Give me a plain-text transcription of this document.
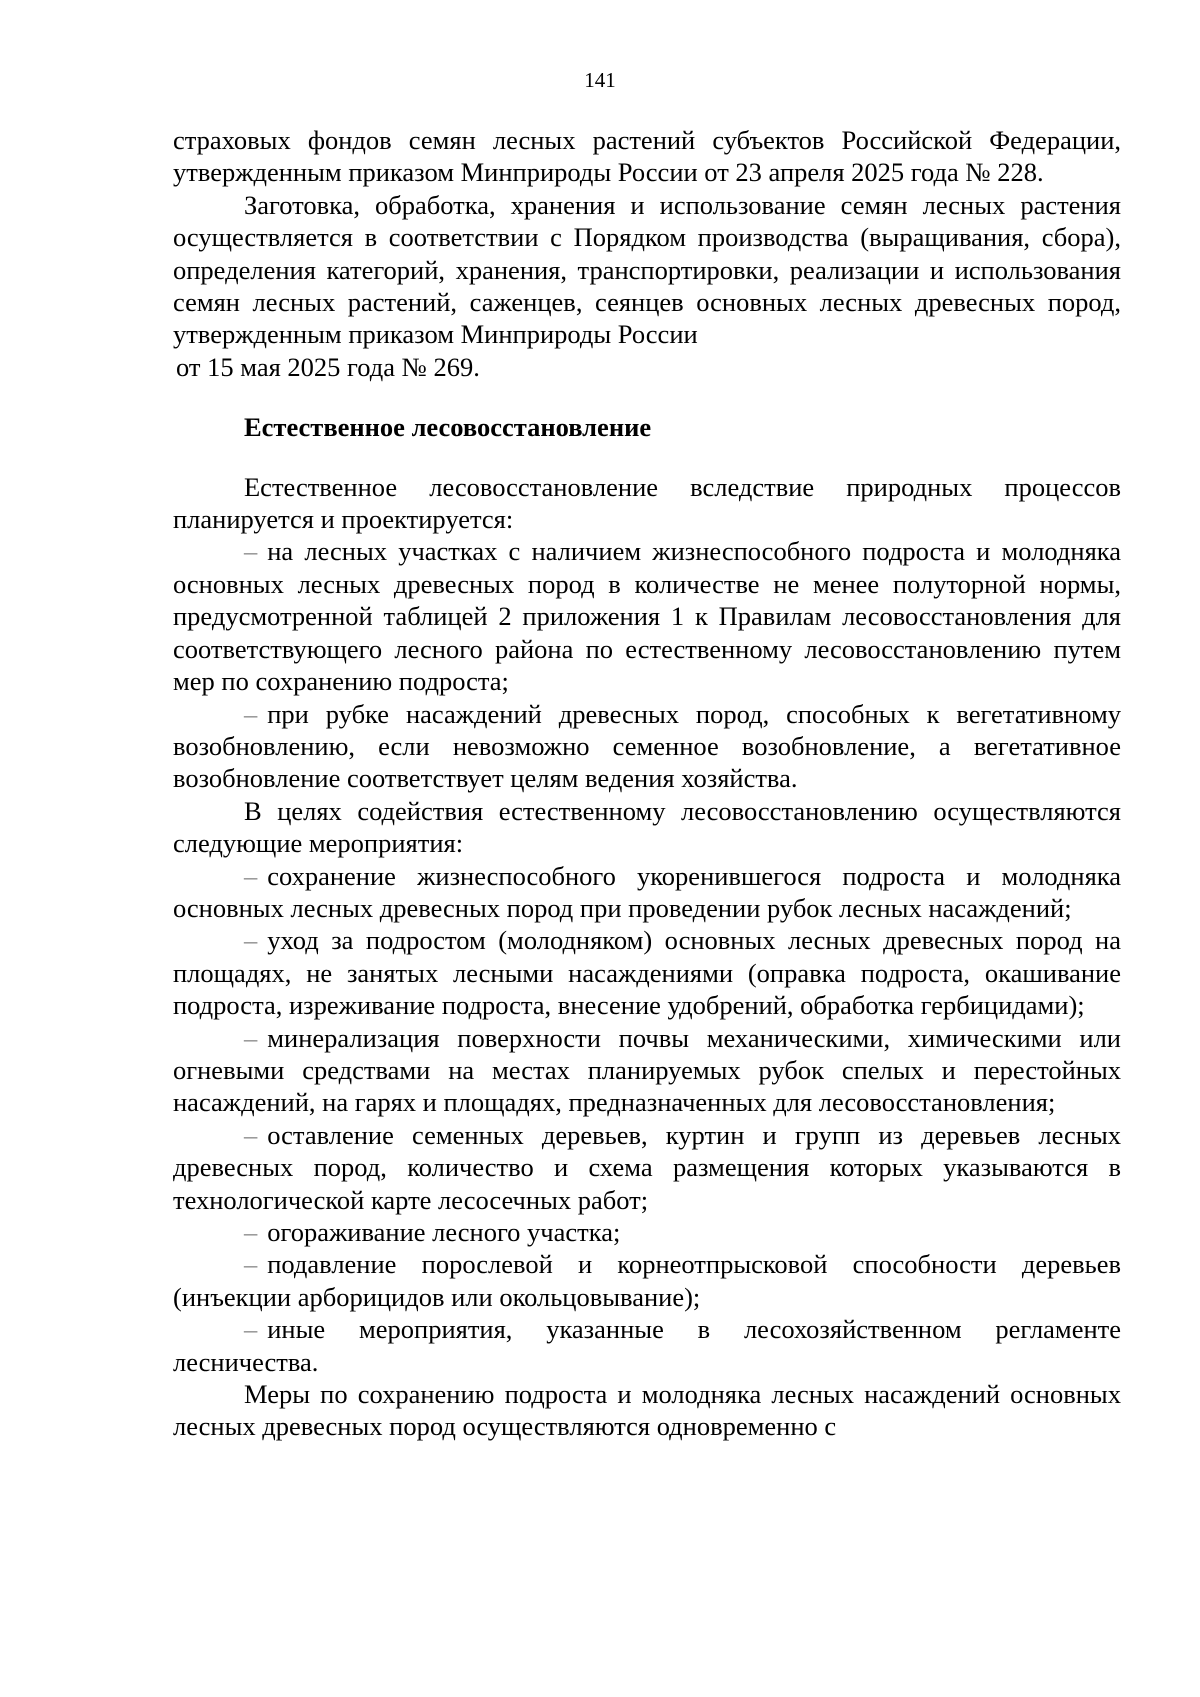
141

страховых фондов семян лесных растений субъектов Российской Федерации, утвержденным приказом Минприроды России от 23 апреля 2025 года № 228.

Заготовка, обработка, хранения и использование семян лесных растения осуществляется в соответствии с Порядком производства (выращивания, сбора), определения категорий, хранения, транспортировки, реализации и использования семян лесных растений, саженцев, сеянцев основных лесных древесных пород, утвержденным приказом Минприроды России

от 15 мая 2025 года № 269.

Естественное лесовосстановление

Естественное лесовосстановление вследствие природных процессов планируется и проектируется:

– на лесных участках с наличием жизнеспособного подроста и молодняка основных лесных древесных пород в количестве не менее полуторной нормы, предусмотренной таблицей 2 приложения 1 к Правилам лесовосстановления для соответствующего лесного района по естественному лесовосстановлению путем мер по сохранению подроста;

– при рубке насаждений древесных пород, способных к вегетативному возобновлению, если невозможно семенное возобновление, а вегетативное возобновление соответствует целям ведения хозяйства.

В целях содействия естественному лесовосстановлению осуществляются следующие мероприятия:

– сохранение жизнеспособного укоренившегося подроста и молодняка основных лесных древесных пород при проведении рубок лесных насаждений;

– уход за подростом (молодняком) основных лесных древесных пород на площадях, не занятых лесными насаждениями (оправка подроста, окашивание подроста, изреживание подроста, внесение удобрений, обработка гербицидами);

– минерализация поверхности почвы механическими, химическими или огневыми средствами на местах планируемых рубок спелых и перестойных насаждений, на гарях и площадях, предназначенных для лесовосстановления;

– оставление семенных деревьев, куртин и групп из деревьев лесных древесных пород, количество и схема размещения которых указываются в технологической карте лесосечных работ;

– огораживание лесного участка;

– подавление порослевой и корнеотпрысковой способности деревьев (инъекции арборицидов или окольцовывание);

– иные мероприятия, указанные в лесохозяйственном регламенте лесничества.

Меры по сохранению подроста и молодняка лесных насаждений основных лесных древесных пород осуществляются одновременно с
